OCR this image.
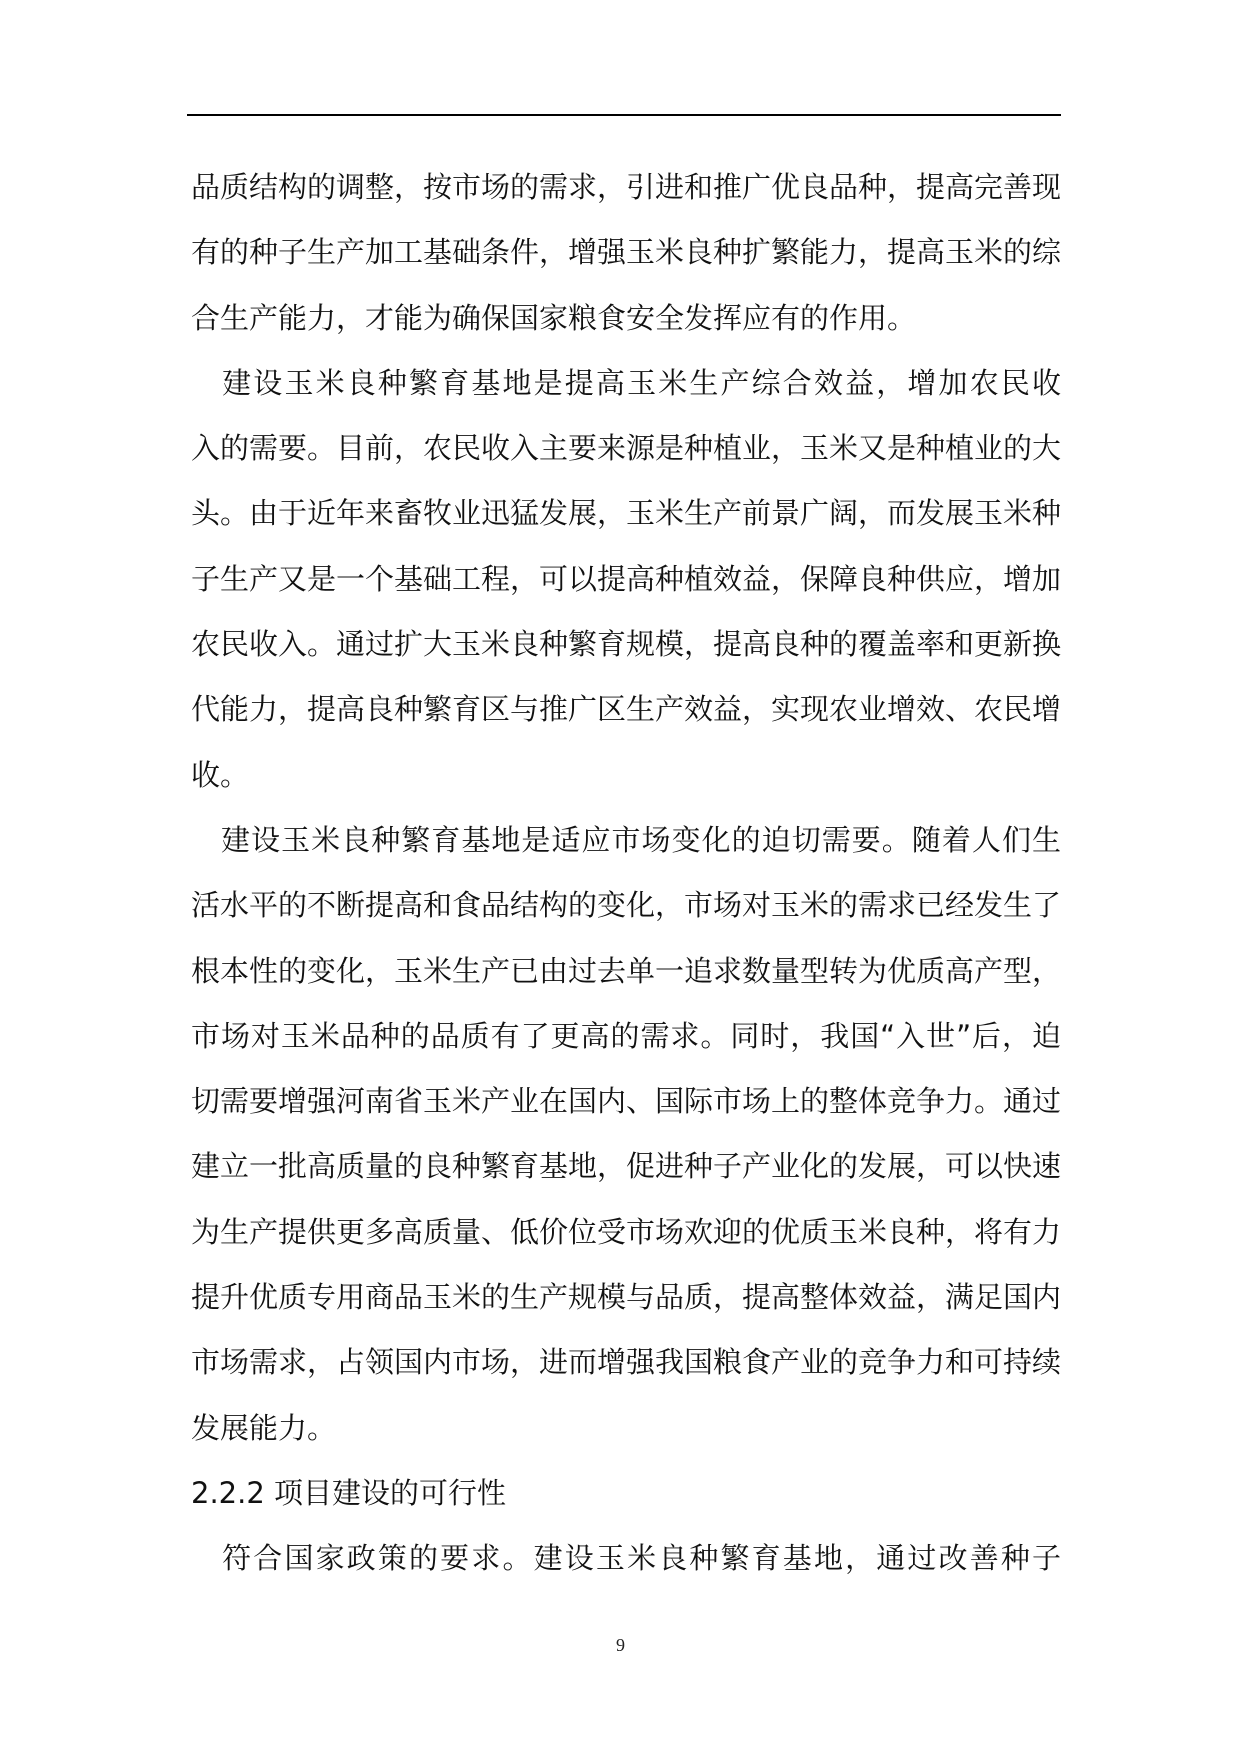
品质结构的调整，按市场的需求，引进和推广优良品种，提高完善现
有的种子生产加工基础条件，增强玉米良种扩繁能力，提高玉米的综
合生产能力，才能为确保国家粮食安全发挥应有的作用。
　建设玉米良种繁育基地是提高玉米生产综合效益，增加农民收
入的需要。目前，农民收入主要来源是种植业，玉米又是种植业的大
头。由于近年来畜牧业迅猛发展，玉米生产前景广阔，而发展玉米种
子生产又是一个基础工程，可以提高种植效益，保障良种供应，增加
农民收入。通过扩大玉米良种繁育规模，提高良种的覆盖率和更新换
代能力，提高良种繁育区与推广区生产效益，实现农业增效、农民增
收。
　建设玉米良种繁育基地是适应市场变化的迫切需要。随着人们生
活水平的不断提高和食品结构的变化，市场对玉米的需求已经发生了
根本性的变化，玉米生产已由过去单一追求数量型转为优质高产型，
市场对玉米品种的品质有了更高的需求。同时，我国“入世”后，迫
切需要增强河南省玉米产业在国内、国际市场上的整体竞争力。通过
建立一批高质量的良种繁育基地，促进种子产业化的发展，可以快速
为生产提供更多高质量、低价位受市场欢迎的优质玉米良种，将有力
提升优质专用商品玉米的生产规模与品质，提高整体效益，满足国内
市场需求，占领国内市场，进而增强我国粮食产业的竞争力和可持续
发展能力。
2.2.2 项目建设的可行性
　符合国家政策的要求。建设玉米良种繁育基地，通过改善种子
9
